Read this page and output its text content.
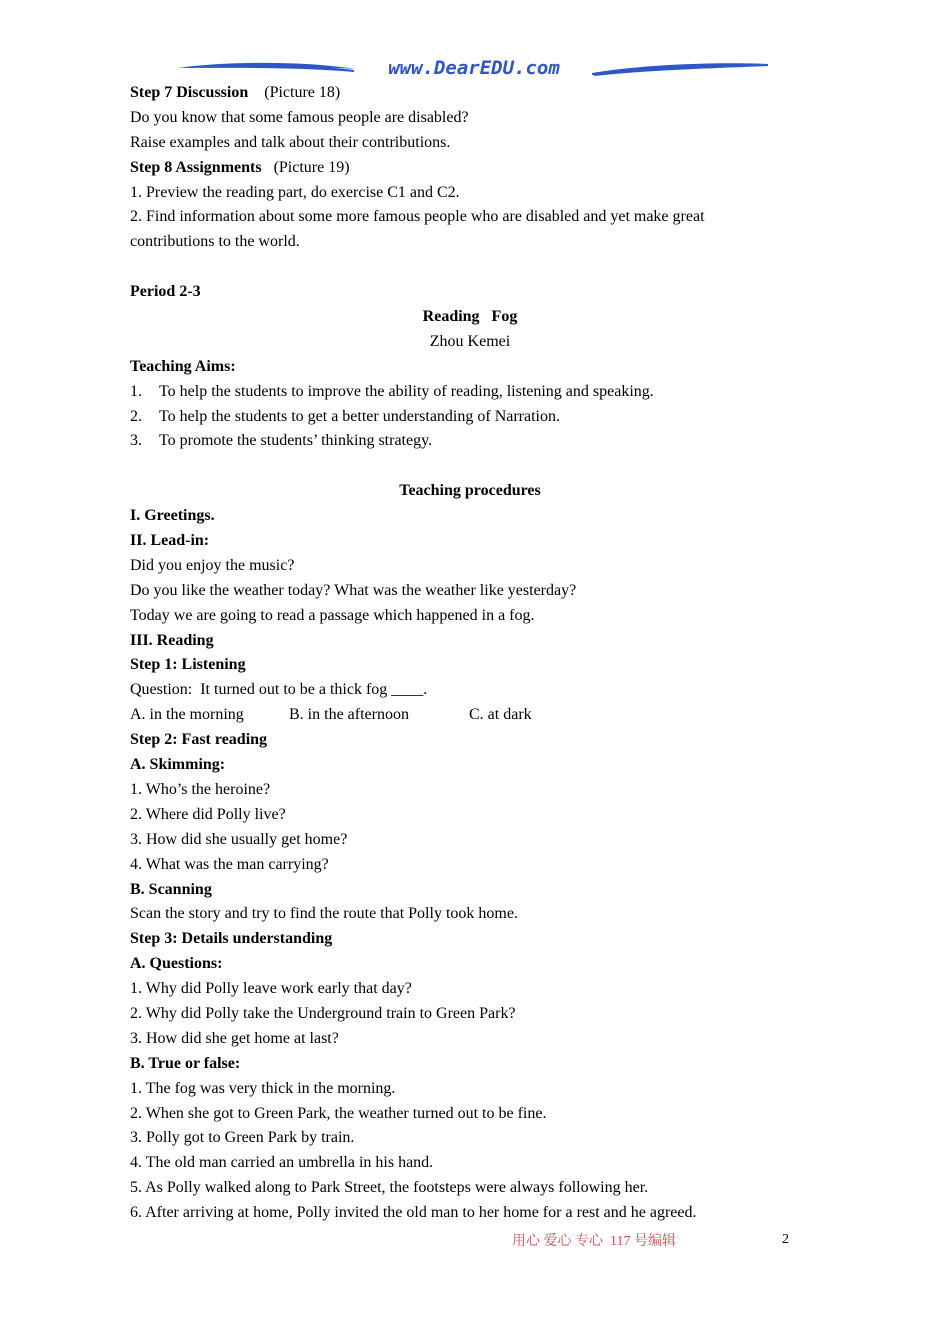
www.DearEDU.com
Step 7 Discussion (Picture 18)
Do you know that some famous people are disabled?
Raise examples and talk about their contributions.
Step 8 Assignments (Picture 19)
1. Preview the reading part, do exercise C1 and C2.
2. Find information about some more famous people who are disabled and yet make great
contributions to the world.
Period 2-3
Reading   Fog
Zhou Kemei
Teaching Aims:
1. To help the students to improve the ability of reading, listening and speaking.
2. To help the students to get a better understanding of Narration.
3. To promote the students’ thinking strategy.
Teaching procedures
I. Greetings.
II. Lead-in:
Did you enjoy the music?
Do you like the weather today? What was the weather like yesterday?
Today we are going to read a passage which happened in a fog.
III. Reading
Step 1: Listening
Question:  It turned out to be a thick fog ____.
A. in the morning	B. in the afternoon	C. at dark
Step 2: Fast reading
A. Skimming:
1. Who’s the heroine?
2. Where did Polly live?
3. How did she usually get home?
4. What was the man carrying?
B. Scanning
Scan the story and try to find the route that Polly took home.
Step 3: Details understanding
A. Questions:
1. Why did Polly leave work early that day?
2. Why did Polly take the Underground train to Green Park?
3. How did she get home at last?
B. True or false:
1. The fog was very thick in the morning.
2. When she got to Green Park, the weather turned out to be fine.
3. Polly got to Green Park by train.
4. The old man carried an umbrella in his hand.
5. As Polly walked along to Park Street, the footsteps were always following her.
6. After arriving at home, Polly invited the old man to her home for a rest and he agreed.
用心 爱心 专心  117 号编辑	2
